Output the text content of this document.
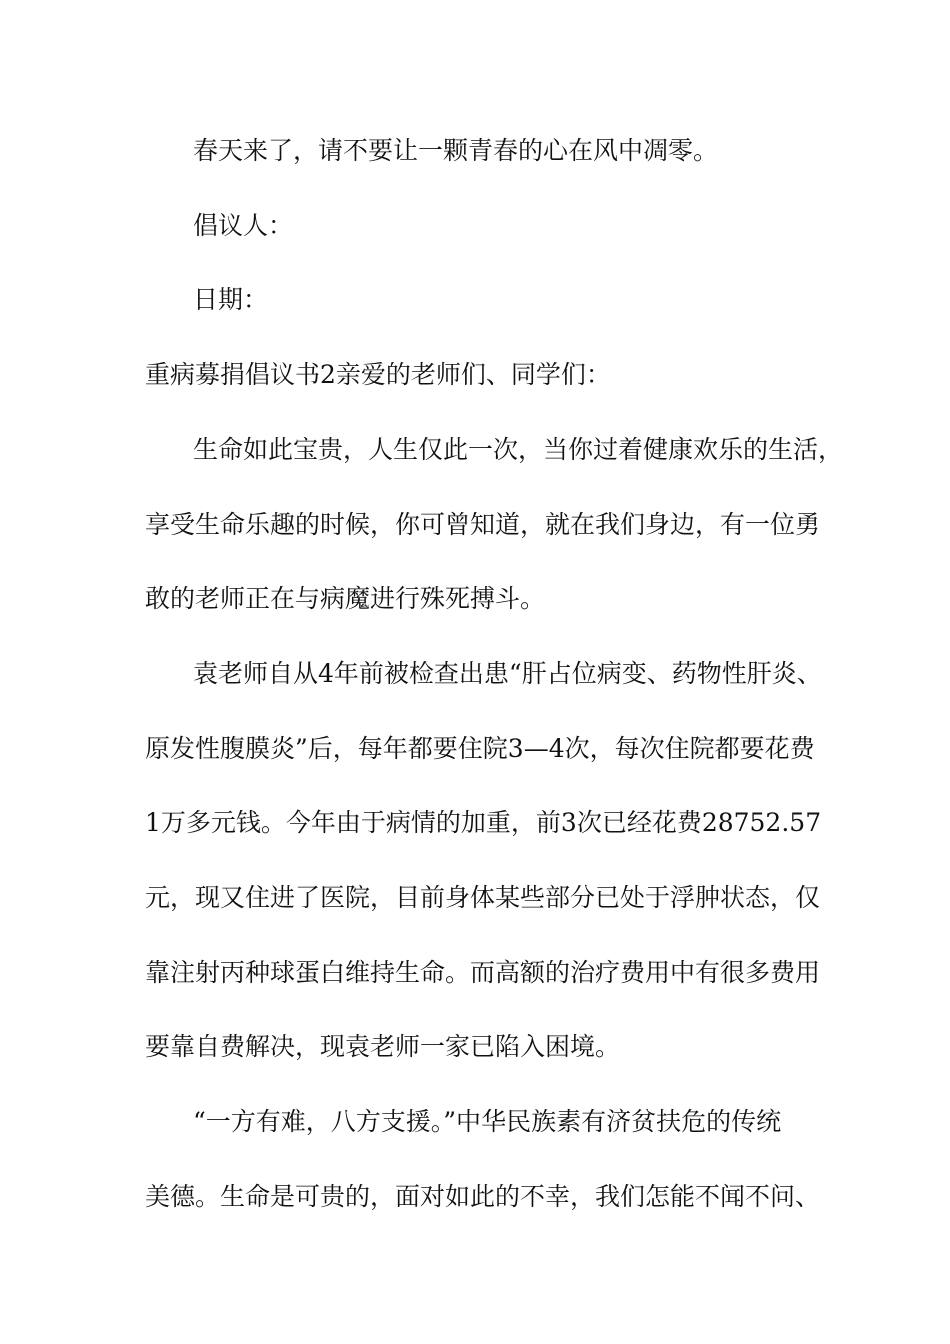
春天来了，请不要让一颗青春的心在风中凋零。
倡议人：
日期：
重病募捐倡议书2亲爱的老师们、同学们：
生命如此宝贵，人生仅此一次，当你过着健康欢乐的生活，
享受生命乐趣的时候，你可曾知道，就在我们身边，有一位勇
敢的老师正在与病魔进行殊死搏斗。
袁老师自从4年前被检查出患“肝占位病变、药物性肝炎、
原发性腹膜炎”后，每年都要住院3—4次，每次住院都要花费
1万多元钱。今年由于病情的加重，前3次已经花费28752.57
元，现又住进了医院，目前身体某些部分已处于浮肿状态，仅
靠注射丙种球蛋白维持生命。而高额的治疗费用中有很多费用
要靠自费解决，现袁老师一家已陷入困境。
“一方有难，八方支援。”中华民族素有济贫扶危的传统
美德。生命是可贵的，面对如此的不幸，我们怎能不闻不问、
